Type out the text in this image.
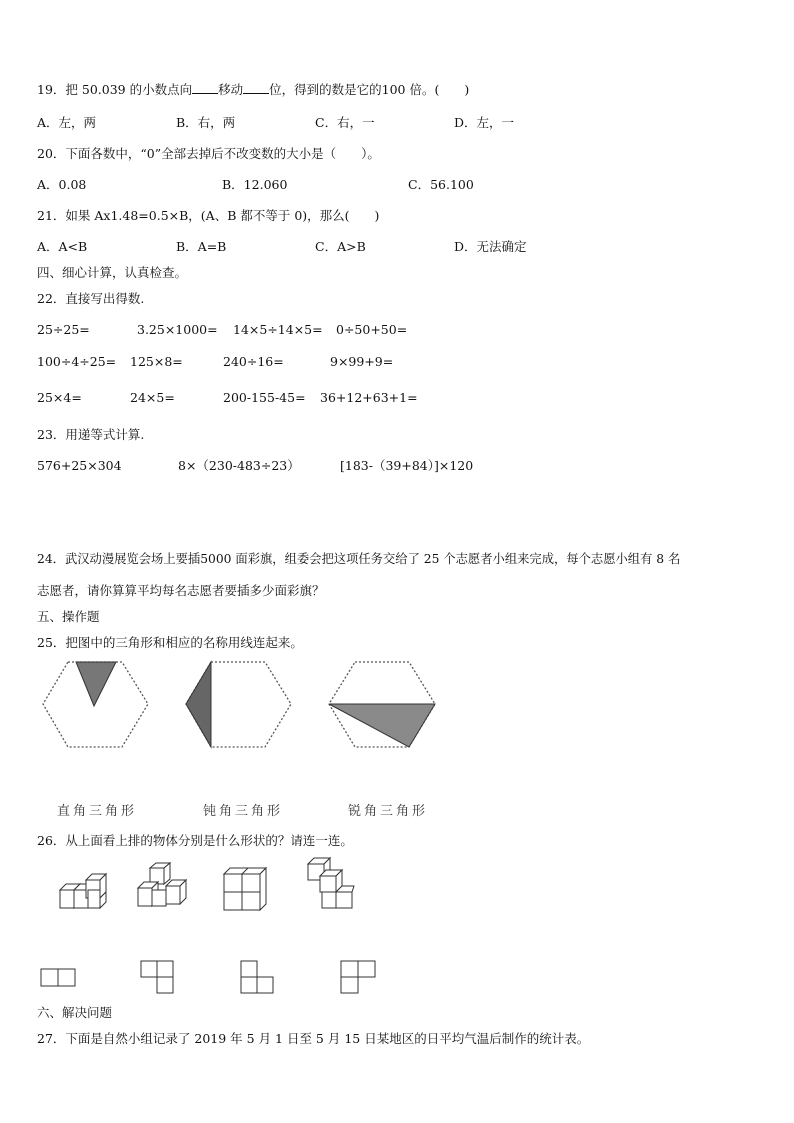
19．把 50.039 的小数点向 移动 位，得到的数是它的100 倍。(　　)
A．左，两	B．右，两	C．右，一	D．左，一
20．下面各数中，“0”全部去掉后不改变数的大小是（　　）。
A．0.08	B．12.060	C．56.100
21．如果 Ax1.48=0.5×B，(A、B 都不等于 0)，那么(　　)
A．A<B	B．A=B	C．A>B	D．无法确定
四、细心计算，认真检查。
22．直接写出得数.
25÷25=	3.25×1000= 14×5÷14×5= 0÷50+50=
100÷4÷25= 125×8=	240÷16=	9×99+9=
25×4=	24×5=	200-155-45= 36+12+63+1=
23．用递等式计算.
576+25×304	8×（230-483÷23）	[183-（39+84）]×120
24．武汉动漫展览会场上要插5000 面彩旗，组委会把这项任务交给了 25 个志愿者小组来完成，每个志愿小组有 8 名
志愿者，请你算算平均每名志愿者要插多少面彩旗？
五、操作题
25．把图中的三角形和相应的名称用线连起来。
直角三角形	钝角三角形	锐角三角形
26．从上面看上排的物体分别是什么形状的？请连一连。
六、解决问题
27．下面是自然小组记录了 2019 年 5 月 1 日至 5 月 15 日某地区的日平均气温后制作的统计表。
